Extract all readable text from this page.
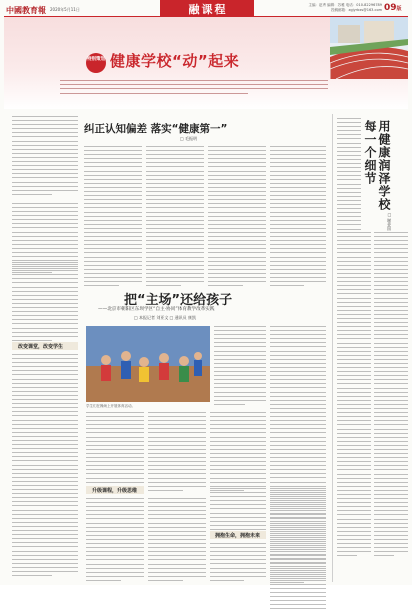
中國教育報 2020年5月11日	融课程	主编：赵秀 编辑：苏雅 电话：010-82296789
投稿邮箱：zgjyrbxs@163.com 09版
特别策划 健康学校“动”起来
纠正认知偏差 落实“健康第一”
□ 毛振明	用健康润泽学校每一个细节
□ 谢金国
把“主场”还给孩子
——北京市朝阳区东坝学区“自主·协同”体育教学改革实践
□ 本报记者 刘亚文 □ 通讯员 康凯
改变课堂，改变学生
学生们在操场上开展体育活动。
升级课程，升级思维
拥抱生命，拥抱未来
